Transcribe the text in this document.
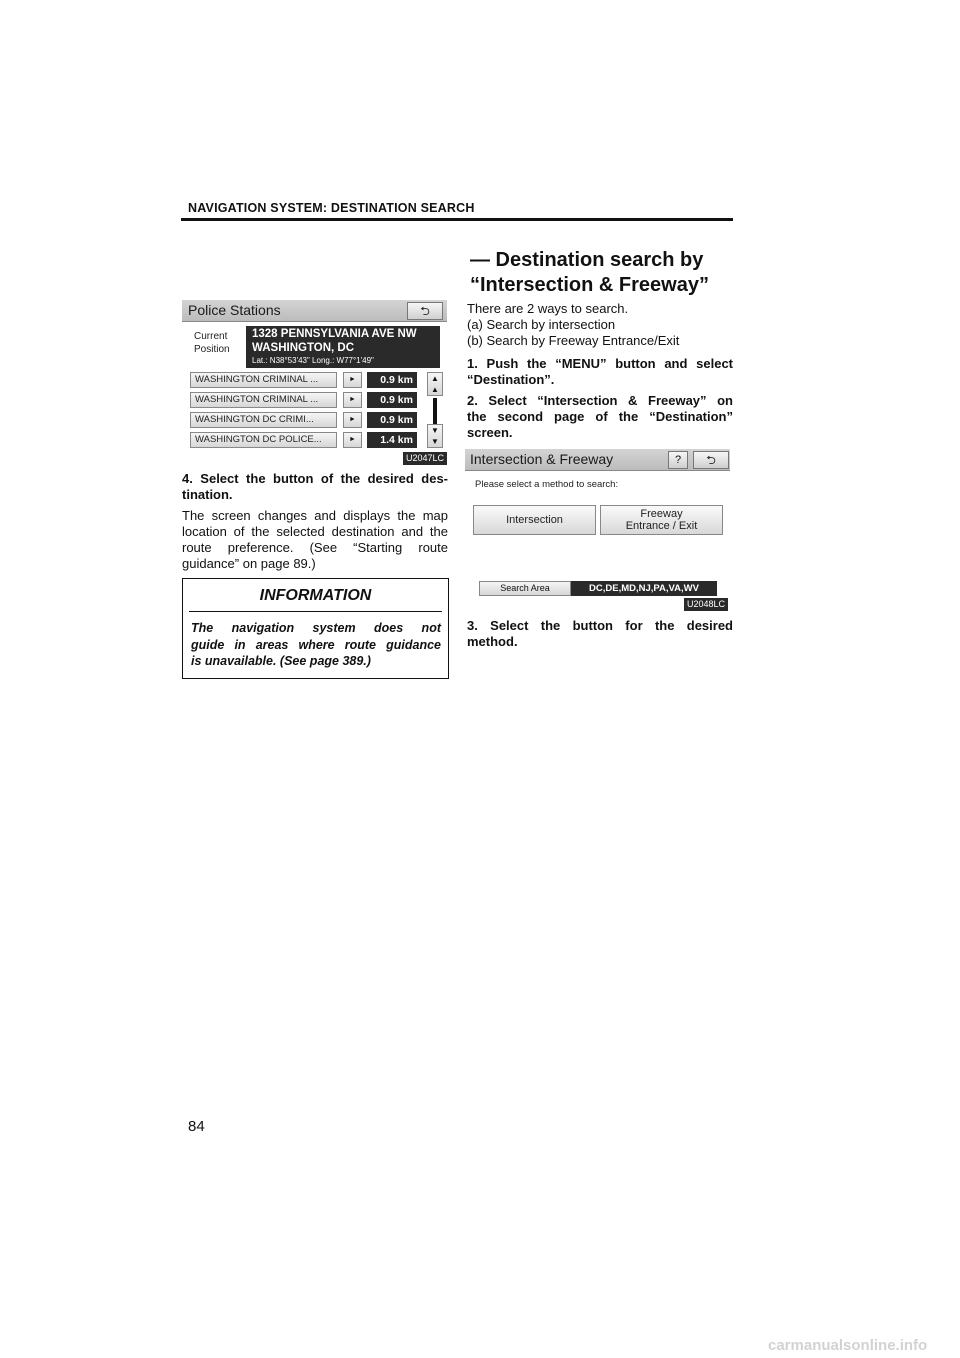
NAVIGATION SYSTEM: DESTINATION SEARCH
— Destination search by
“Intersection & Freeway”
Police Stations	⮌
Current
Position
1328 PENNSYLVANIA AVE NW
WASHINGTON, DC
Lat.: N38°53'43" Long.: W77°1'49"
WASHINGTON CRIMINAL ...	►	0.9 km
WASHINGTON CRIMINAL ...	►	0.9 km
WASHINGTON DC CRIMI...	►	0.9 km
WASHINGTON DC POLICE...	►	1.4 km
▲
▲
▼
▼
U2047LC
4. Select the button of the desired des-
tination.
The screen changes and displays the map
location of the selected destination and the
route preference. (See “Starting route
guidance” on page 89.)
INFORMATION
The navigation system does not
guide in areas where route guidance
is unavailable. (See page 389.)
There are 2 ways to search.
(a) Search by intersection
(b) Search by Freeway Entrance/Exit
1. Push the “MENU” button and select
“Destination”.
2. Select “Intersection & Freeway” on
the second page of the “Destination”
screen.
Intersection & Freeway	?	⮌
Please select a method to search:
Intersection	Freeway
Entrance / Exit
Search Area	DC,DE,MD,NJ,PA,VA,WV
U2048LC
3. Select the button for the desired
method.
84
carmanualsonline.info
